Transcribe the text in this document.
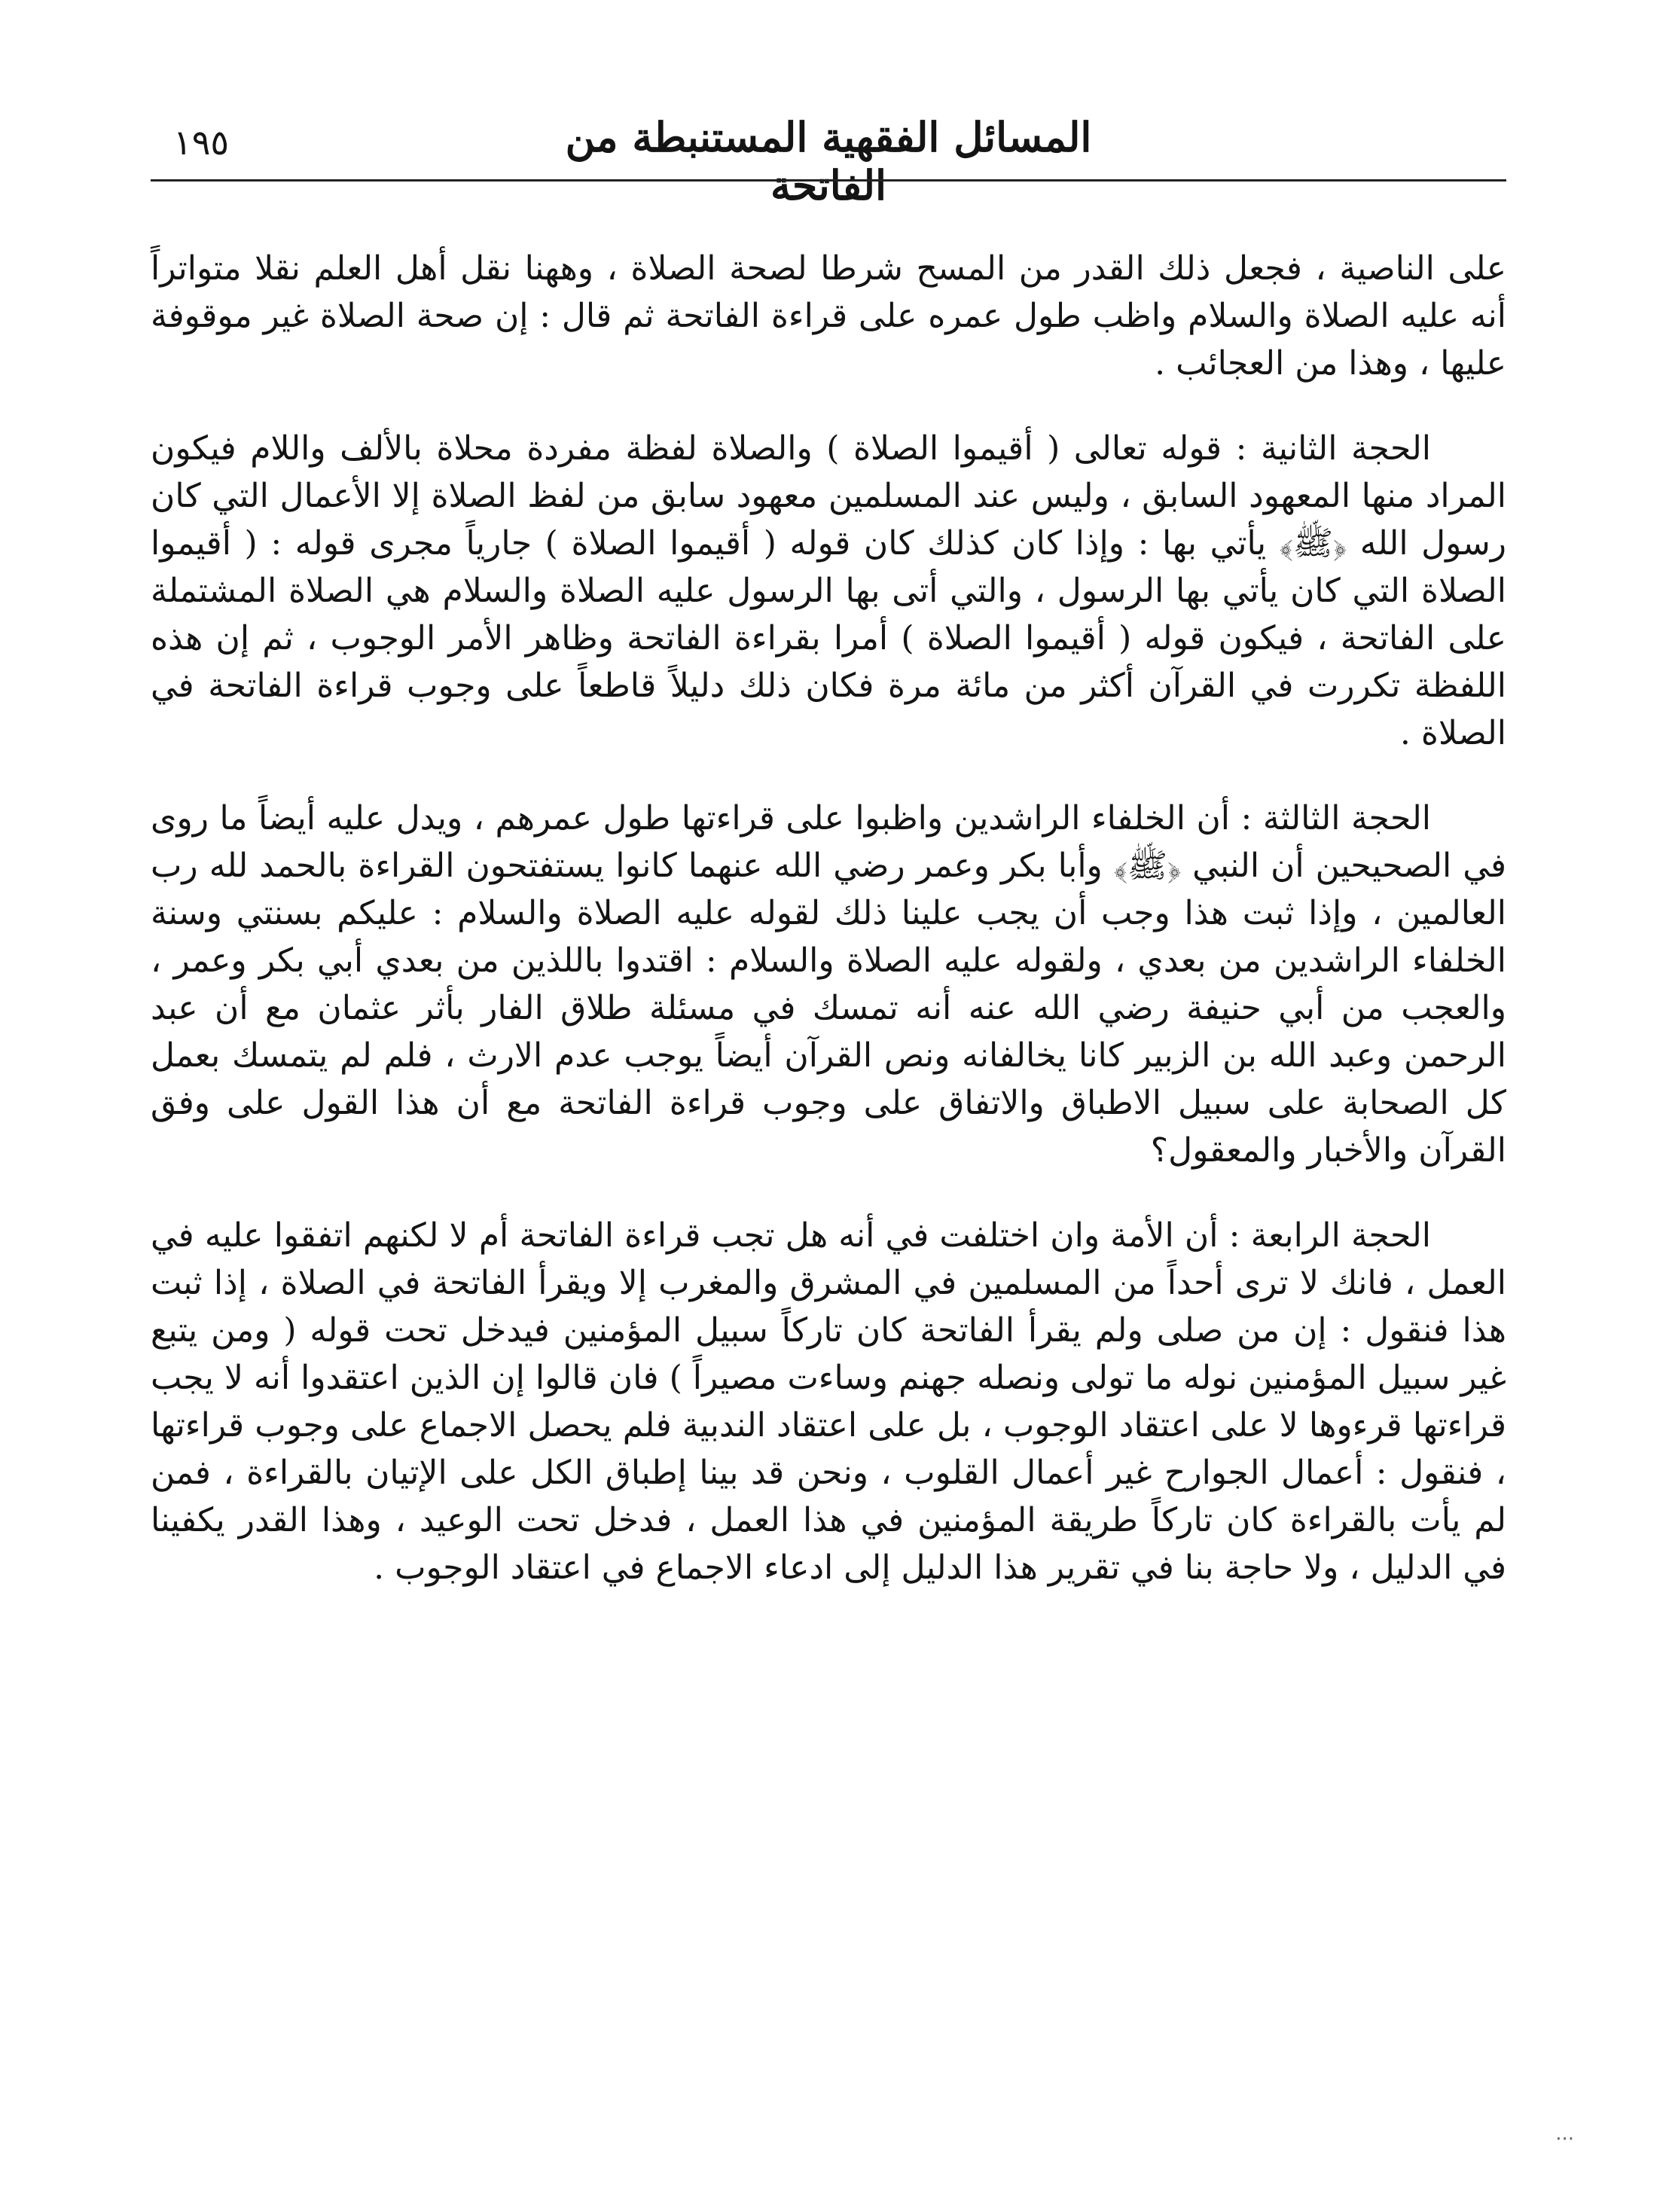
١٩٥	المسائل الفقهية المستنبطة من الفاتحة

على الناصية ، فجعل ذلك القدر من المسح شرطا لصحة الصلاة ، وههنا نقل أهل العلم نقلا متواتراً أنه عليه الصلاة والسلام واظب طول عمره على قراءة الفاتحة ثم قال : إن صحة الصلاة غير موقوفة عليها ، وهذا من العجائب .

الحجة الثانية : قوله تعالى ( أقيموا الصلاة ) والصلاة لفظة مفردة محلاة بالألف واللام فيكون المراد منها المعهود السابق ، وليس عند المسلمين معهود سابق من لفظ الصلاة إلا الأعمال التي كان رسول الله ﴿ﷺ﴾ يأتي بها : وإذا كان كذلك كان قوله ( أقيموا الصلاة ) جارياً مجرى قوله : ( أقيموا الصلاة التي كان يأتي بها الرسول ، والتي أتى بها الرسول عليه الصلاة والسلام هي الصلاة المشتملة على الفاتحة ، فيكون قوله ( أقيموا الصلاة ) أمرا بقراءة الفاتحة وظاهر الأمر الوجوب ، ثم إن هذه اللفظة تكررت في القرآن أكثر من مائة مرة فكان ذلك دليلاً قاطعاً على وجوب قراءة الفاتحة في الصلاة .

الحجة الثالثة : أن الخلفاء الراشدين واظبوا على قراءتها طول عمرهم ، ويدل عليه أيضاً ما روى في الصحيحين أن النبي ﴿ﷺ﴾ وأبا بكر وعمر رضي الله عنهما كانوا يستفتحون القراءة بالحمد لله رب العالمين ، وإذا ثبت هذا وجب أن يجب علينا ذلك لقوله عليه الصلاة والسلام : عليكم بسنتي وسنة الخلفاء الراشدين من بعدي ، ولقوله عليه الصلاة والسلام : اقتدوا باللذين من بعدي أبي بكر وعمر ، والعجب من أبي حنيفة رضي الله عنه أنه تمسك في مسئلة طلاق الفار بأثر عثمان مع أن عبد الرحمن وعبد الله بن الزبير كانا يخالفانه ونص القرآن أيضاً يوجب عدم الارث ، فلم لم يتمسك بعمل كل الصحابة على سبيل الاطباق والاتفاق على وجوب قراءة الفاتحة مع أن هذا القول على وفق القرآن والأخبار والمعقول؟

الحجة الرابعة : أن الأمة وان اختلفت في أنه هل تجب قراءة الفاتحة أم لا لكنهم اتفقوا عليه في العمل ، فانك لا ترى أحداً من المسلمين في المشرق والمغرب إلا ويقرأ الفاتحة في الصلاة ، إذا ثبت هذا فنقول : إن من صلى ولم يقرأ الفاتحة كان تاركاً سبيل المؤمنين فيدخل تحت قوله ( ومن يتبع غير سبيل المؤمنين نوله ما تولى ونصله جهنم وساءت مصيراً ) فان قالوا إن الذين اعتقدوا أنه لا يجب قراءتها قرءوها لا على اعتقاد الوجوب ، بل على اعتقاد الندبية فلم يحصل الاجماع على وجوب قراءتها ، فنقول : أعمال الجوارح غير أعمال القلوب ، ونحن قد بينا إطباق الكل على الإتيان بالقراءة ، فمن لم يأت بالقراءة كان تاركاً طريقة المؤمنين في هذا العمل ، فدخل تحت الوعيد ، وهذا القدر يكفينا في الدليل ، ولا حاجة بنا في تقرير هذا الدليل إلى ادعاء الاجماع في اعتقاد الوجوب .

...
